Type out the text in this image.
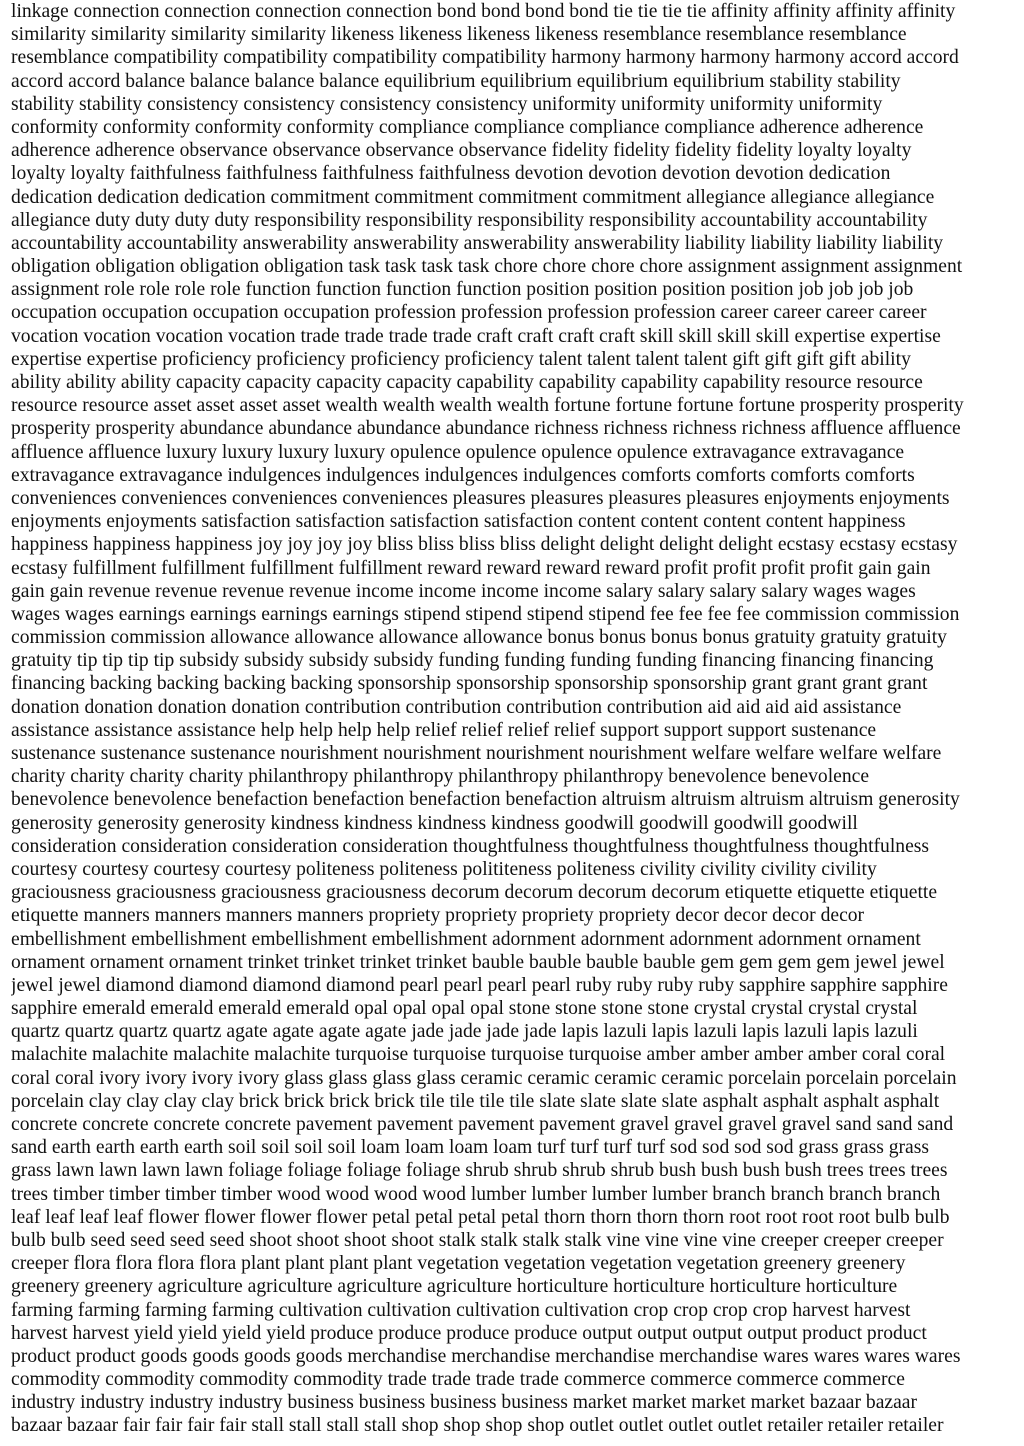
linkage connection connection connection connection bond bond bond bond tie tie tie tie affinity affinity affinity affinity
similarity similarity similarity similarity likeness likeness likeness likeness resemblance resemblance resemblance
resemblance compatibility compatibility compatibility compatibility harmony harmony harmony harmony accord accord
accord accord balance balance balance balance equilibrium equilibrium equilibrium equilibrium stability stability
stability stability consistency consistency consistency consistency uniformity uniformity uniformity uniformity
conformity conformity conformity conformity compliance compliance compliance compliance adherence adherence
adherence adherence observance observance observance observance fidelity fidelity fidelity fidelity loyalty loyalty
loyalty loyalty faithfulness faithfulness faithfulness faithfulness devotion devotion devotion devotion dedication
dedication dedication dedication commitment commitment commitment commitment allegiance allegiance allegiance
allegiance duty duty duty duty responsibility responsibility responsibility responsibility accountability accountability
accountability accountability answerability answerability answerability answerability liability liability liability liability
obligation obligation obligation obligation task task task task chore chore chore chore assignment assignment assignment
assignment role role role role function function function function position position position position job job job job
occupation occupation occupation occupation profession profession profession profession career career career career
vocation vocation vocation vocation trade trade trade trade craft craft craft craft skill skill skill skill expertise expertise
expertise expertise proficiency proficiency proficiency proficiency talent talent talent talent gift gift gift gift ability
ability ability ability capacity capacity capacity capacity capability capability capability capability resource resource
resource resource asset asset asset asset wealth wealth wealth wealth fortune fortune fortune fortune prosperity prosperity
prosperity prosperity abundance abundance abundance abundance richness richness richness richness affluence affluence
affluence affluence luxury luxury luxury luxury opulence opulence opulence opulence extravagance extravagance
extravagance extravagance indulgences indulgences indulgences indulgences comforts comforts comforts comforts
conveniences conveniences conveniences conveniences pleasures pleasures pleasures pleasures enjoyments enjoyments
enjoyments enjoyments satisfaction satisfaction satisfaction satisfaction content content content content happiness
happiness happiness happiness joy joy joy joy bliss bliss bliss bliss delight delight delight delight ecstasy ecstasy ecstasy
ecstasy fulfillment fulfillment fulfillment fulfillment reward reward reward reward profit profit profit profit gain gain
gain gain revenue revenue revenue revenue income income income income salary salary salary salary wages wages
wages wages earnings earnings earnings earnings stipend stipend stipend stipend fee fee fee fee commission commission
commission commission allowance allowance allowance allowance bonus bonus bonus bonus gratuity gratuity gratuity
gratuity tip tip tip tip subsidy subsidy subsidy subsidy funding funding funding funding financing financing financing
financing backing backing backing backing sponsorship sponsorship sponsorship sponsorship grant grant grant grant
donation donation donation donation contribution contribution contribution contribution aid aid aid aid assistance
assistance assistance assistance help help help help relief relief relief relief support support support sustenance
sustenance sustenance sustenance nourishment nourishment nourishment nourishment welfare welfare welfare welfare
charity charity charity charity philanthropy philanthropy philanthropy philanthropy benevolence benevolence
benevolence benevolence benefaction benefaction benefaction benefaction altruism altruism altruism altruism generosity
generosity generosity generosity kindness kindness kindness kindness goodwill goodwill goodwill goodwill
consideration consideration consideration consideration thoughtfulness thoughtfulness thoughtfulness thoughtfulness
courtesy courtesy courtesy courtesy politeness politeness polititeness politeness civility civility civility civility
graciousness graciousness graciousness graciousness decorum decorum decorum decorum etiquette etiquette etiquette
etiquette manners manners manners manners propriety propriety propriety propriety decor decor decor decor
embellishment embellishment embellishment embellishment adornment adornment adornment adornment ornament
ornament ornament ornament trinket trinket trinket trinket bauble bauble bauble bauble gem gem gem gem jewel jewel
jewel jewel diamond diamond diamond diamond pearl pearl pearl pearl ruby ruby ruby ruby sapphire sapphire sapphire
sapphire emerald emerald emerald emerald opal opal opal opal stone stone stone stone crystal crystal crystal crystal
quartz quartz quartz quartz agate agate agate agate jade jade jade jade lapis lazuli lapis lazuli lapis lazuli lapis lazuli
malachite malachite malachite malachite turquoise turquoise turquoise turquoise amber amber amber amber coral coral
coral coral ivory ivory ivory ivory glass glass glass glass ceramic ceramic ceramic ceramic porcelain porcelain porcelain
porcelain clay clay clay clay brick brick brick brick tile tile tile tile slate slate slate slate asphalt asphalt asphalt asphalt
concrete concrete concrete concrete pavement pavement pavement pavement gravel gravel gravel gravel sand sand sand
sand earth earth earth earth soil soil soil soil loam loam loam loam turf turf turf turf sod sod sod sod grass grass grass
grass lawn lawn lawn lawn foliage foliage foliage foliage shrub shrub shrub shrub bush bush bush bush trees trees trees
trees timber timber timber timber wood wood wood wood lumber lumber lumber lumber branch branch branch branch
leaf leaf leaf leaf flower flower flower flower petal petal petal petal thorn thorn thorn thorn root root root root bulb bulb
bulb bulb seed seed seed seed shoot shoot shoot shoot stalk stalk stalk stalk vine vine vine vine creeper creeper creeper
creeper flora flora flora flora plant plant plant plant vegetation vegetation vegetation vegetation greenery greenery
greenery greenery agriculture agriculture agriculture agriculture horticulture horticulture horticulture horticulture
farming farming farming farming cultivation cultivation cultivation cultivation crop crop crop crop harvest harvest
harvest harvest yield yield yield yield produce produce produce produce output output output output product product
product product goods goods goods goods merchandise merchandise merchandise merchandise wares wares wares wares
commodity commodity commodity commodity trade trade trade trade commerce commerce commerce commerce
industry industry industry industry business business business business market market market market bazaar bazaar
bazaar bazaar fair fair fair fair stall stall stall stall shop shop shop shop outlet outlet outlet outlet retailer retailer retailer
